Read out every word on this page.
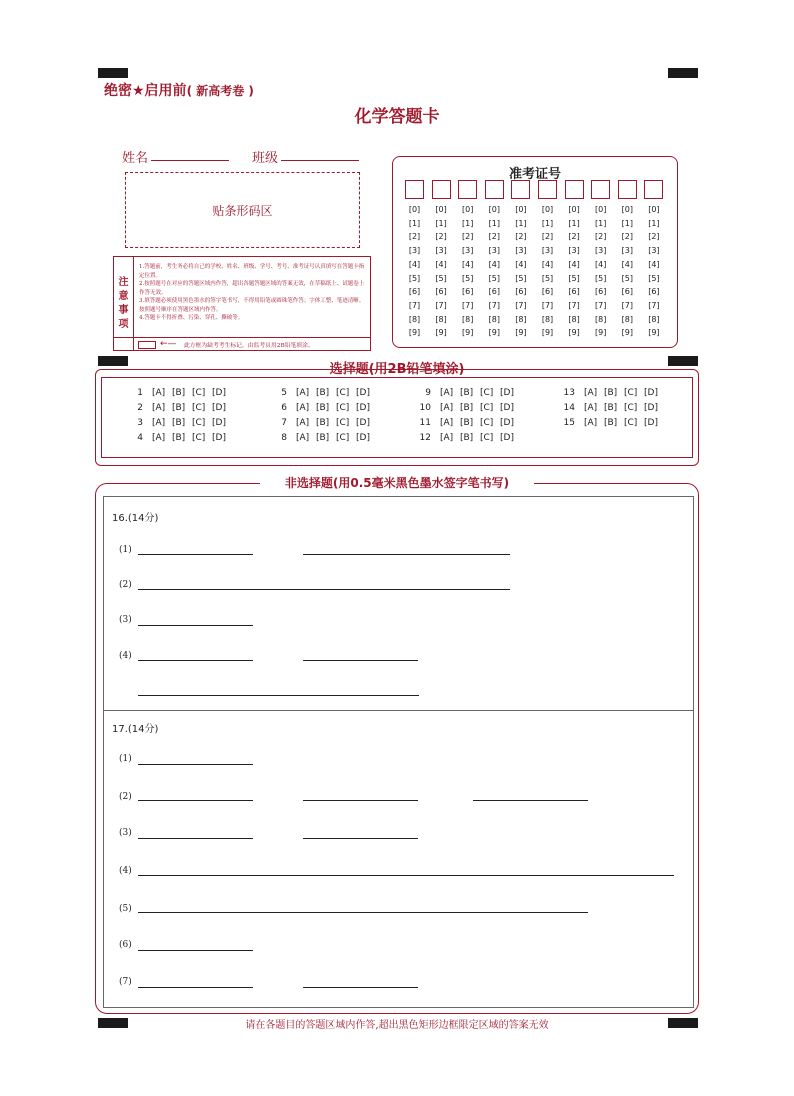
绝密★启用前( 新高考卷 )
化学答题卡
姓名	班级
贴条形码区
注
意
事
项
1.答题前，考生务必将自己的学校、姓名、班级、学号、考号、准考证号认真填写在答题卡指定位置。
2.按照题号在对应的答题区域内作答，超出各题答题区域的答案无效，在草稿纸上、试题卷上作答无效。
3.填答题必须使用黑色墨水的签字笔书写，不得用铅笔或圆珠笔作答；字体工整、笔迹清晰。按照题号顺序在答题区域内作答。
4.答题卡不得折叠、污染、穿孔、撕破等。
←— 此方框为缺考考生标记，由监考员用2B铅笔填涂。
准考证号
[0]
[1]
[2]
[3]
[4]
[5]
[6]
[7]
[8]
[9]
[0]
[1]
[2]
[3]
[4]
[5]
[6]
[7]
[8]
[9]
[0]
[1]
[2]
[3]
[4]
[5]
[6]
[7]
[8]
[9]
[0]
[1]
[2]
[3]
[4]
[5]
[6]
[7]
[8]
[9]
[0]
[1]
[2]
[3]
[4]
[5]
[6]
[7]
[8]
[9]
[0]
[1]
[2]
[3]
[4]
[5]
[6]
[7]
[8]
[9]
[0]
[1]
[2]
[3]
[4]
[5]
[6]
[7]
[8]
[9]
[0]
[1]
[2]
[3]
[4]
[5]
[6]
[7]
[8]
[9]
[0]
[1]
[2]
[3]
[4]
[5]
[6]
[7]
[8]
[9]
[0]
[1]
[2]
[3]
[4]
[5]
[6]
[7]
[8]
[9]
1 [A] [B] [C] [D]
2 [A] [B] [C] [D]
3 [A] [B] [C] [D]
4 [A] [B] [C] [D]
5 [A] [B] [C] [D]
6 [A] [B] [C] [D]
7 [A] [B] [C] [D]
8 [A] [B] [C] [D]
9 [A] [B] [C] [D]
10 [A] [B] [C] [D]
11 [A] [B] [C] [D]
12 [A] [B] [C] [D]
13 [A] [B] [C] [D]
14 [A] [B] [C] [D]
15 [A] [B] [C] [D]
选择题(用2B铅笔填涂)
非选择题(用0.5毫米黑色墨水签字笔书写)
16.(14分)
(1)
(2)
(3)
(4)
17.(14分)
(1)
(2)
(3)
(4)
(5)
(6)
(7)
请在各题目的答题区域内作答,超出黑色矩形边框限定区域的答案无效
